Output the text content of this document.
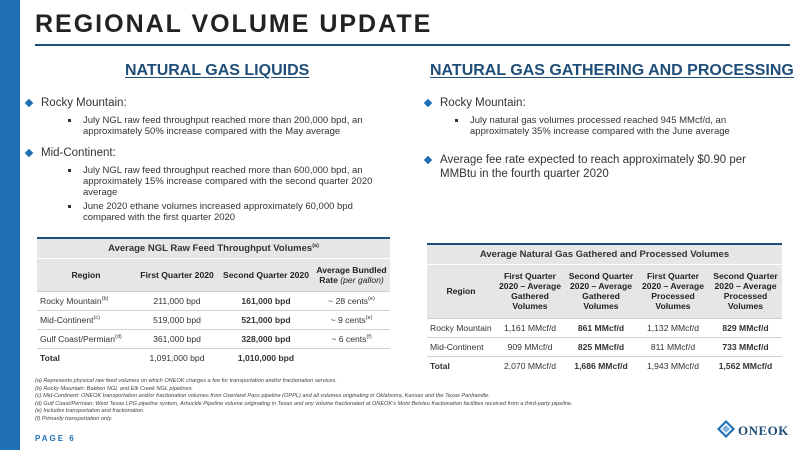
REGIONAL VOLUME UPDATE
NATURAL GAS LIQUIDS
Rocky Mountain:
July NGL raw feed throughput reached more than 200,000 bpd, an approximately 50% increase compared with the May average
Mid-Continent:
July NGL raw feed throughput reached more than 600,000 bpd, an approximately 15% increase compared with the second quarter 2020 average
June 2020 ethane volumes increased approximately 60,000 bpd compared with the first quarter 2020
Average NGL Raw Feed Throughput Volumes$^{(a)}$
Region	First Quarter 2020	Second Quarter 2020	Average Bundled Rate (per gallon)
Rocky Mountain$^{(b)}$	211,000 bpd	161,000 bpd	~ 28 cents$^{(e)}$
Mid-Continent$^{(c)}$	519,000 bpd	521,000 bpd	~ 9 cents$^{(e)}$
Gulf Coast/Permian$^{(d)}$	361,000 bpd	328,000 bpd	~ 6 cents$^{(f)}$
Total	1,091,000 bpd	1,010,000 bpd	
NATURAL GAS GATHERING AND PROCESSING
Rocky Mountain:
July natural gas volumes processed reached 945 MMcf/d, an approximately 35% increase compared with the June average
Average fee rate expected to reach approximately $0.90 per MMBtu in the fourth quarter 2020
Average Natural Gas Gathered and Processed Volumes				
Region	First Quarter 2020 – Average Gathered Volumes	Second Quarter 2020 – Average Gathered Volumes	First Quarter 2020 – Average Processed Volumes	Second Quarter 2020 – Average Processed Volumes
Rocky Mountain	1,161 MMcf/d	861 MMcf/d	1,132 MMcf/d	829 MMcf/d
Mid-Continent	909 MMcf/d	825 MMcf/d	811 MMcf/d	733 MMcf/d
Total	2,070 MMcf/d	1,686 MMcf/d	1,943 MMcf/d	1,562 MMcf/d
(a) Represents physical raw feed volumes on which ONEOK charges a fee for transportation and/or fractionation services.
(b) Rocky Mountain: Bakken NGL and Elk Creek NGL pipelines.
(c) Mid-Continent: ONEOK transportation and/or fractionation volumes from Overland Pass pipeline (OPPL) and all volumes originating in Oklahoma, Kansas and the Texas Panhandle.
(d) Gulf Coast/Permian: West Texas LPG pipeline system, Arbuckle Pipeline volume originating in Texas and any volume fractionated at ONEOK's Mont Belvieu fractionation facilities received from a third-party pipeline.
(e) Includes transportation and fractionation.
(f) Primarily transportation only.
PAGE 6
ONEOK
